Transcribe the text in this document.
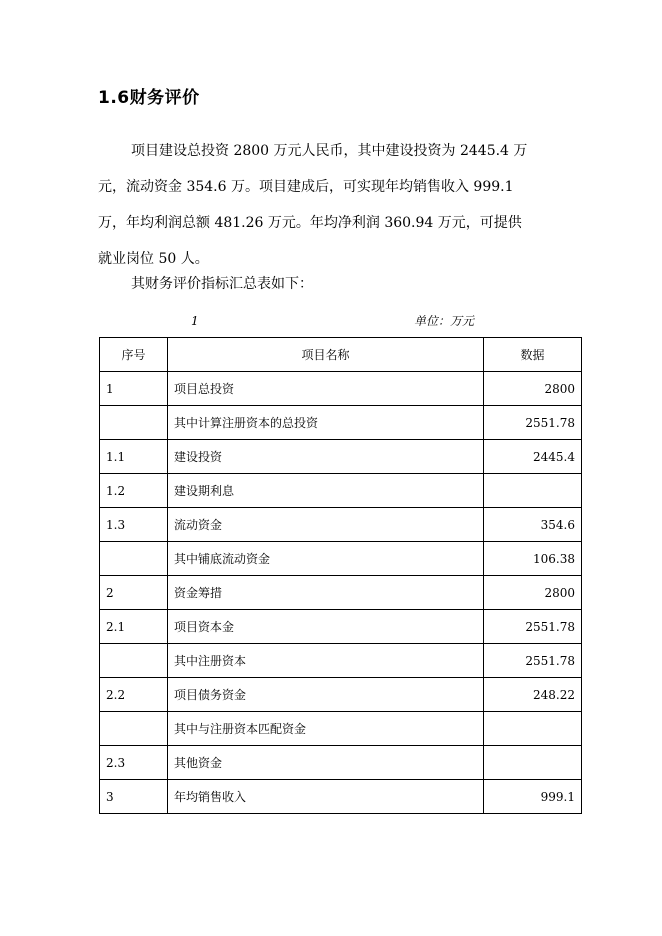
1.6财务评价
项目建设总投资 2800 万元人民币，其中建设投资为 2445.4 万
元，流动资金 354.6 万。项目建成后，可实现年均销售收入 999.1
万，年均利润总额 481.26 万元。年均净利润 360.94 万元，可提供
就业岗位 50 人。
其财务评价指标汇总表如下：
1	单位：万元
序号	项目名称	数据
1	项目总投资	2800
	其中计算注册资本的总投资	2551.78
1.1	建设投资	2445.4
1.2	建设期利息	
1.3	流动资金	354.6
	其中铺底流动资金	106.38
2	资金筹措	2800
2.1	项目资本金	2551.78
	其中注册资本	2551.78
2.2	项目债务资金	248.22
	其中与注册资本匹配资金	
2.3	其他资金	
3	年均销售收入	999.1
